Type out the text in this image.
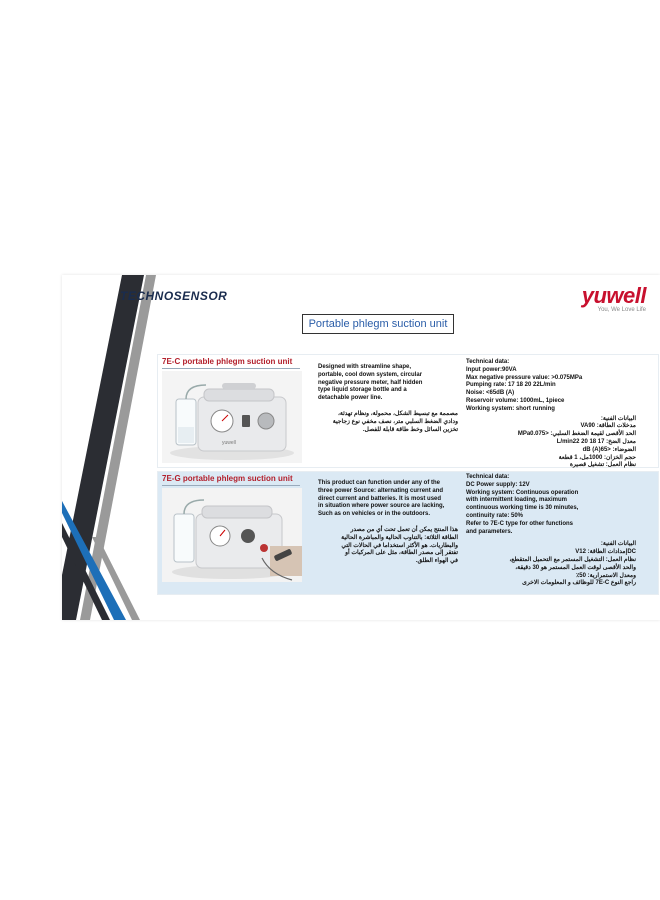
TECHNOSENSOR	yuwell
You, We Love Life
Portable phlegm suction unit
7E-C portable phlegm suction unit
yuwell
Designed with streamline shape,
portable, cool down system, circular
negative pressure meter, half hidden
type liquid storage bottle and a
detachable power line.
مصممة مع تبسيط الشكل، محمولة، ونظام تهدئة،
ودادي الضغط السلبي متر، نصف مخفي نوع زجاجية
تخزين السائل وخط طاقة قابلة للفصل.
Technical data:
Input power:90VA
Max negative pressure value: >0.075MPa
Pumping rate: 17 18 20 22L/min
Noise: <65dB (A)
Reservoir volume: 1000mL, 1piece
Working system: short running
البيانات الفنية:
مدخلات الطاقة: VA90
الحد الأقصى لقيمة الضغط السلبي: <MPa0.075
معدل الضخ: L/min22 20 18 17
الضوضاء: <dB (A)65
حجم الخزان: 1000مل، 1 قطعة
نظام العمل: تشغيل قصيرة
7E-G portable phlegm suction unit	This product can function under any of the
three power Source: alternating current and
direct current and batteries. It is most used
in situation where power source are lacking,
Such as on vehicles or in the outdoors.
هذا المنتج يمكن أن تعمل تحت أي من مصدر
الطاقة الثلاثة: بالتناوب الحالية والمباشرة الحالية
والبطاريات. هو الأكثر استخداما في الحالات التي
تفتقر إلى مصدر الطاقة، مثل على المركبات أو
في الهواء الطلق.
Technical data:
DC Power supply: 12V
Working system: Continuous operation
with intermittent loading, maximum
continuous working time is 30 minutes,
continuity rate: 50%
Refer to 7E-C type for other functions
and parameters.
البيانات الفنية:
DCإمدادات الطاقة: V12
نظام العمل: التشغيل المستمر مع التحميل المتقطع،
والحد الأقصى لوقت العمل المستمر هو 30 دقيقة،
ومعدل الاستمرارية: 50٪
راجع النوع 7E-C للوظائف و المعلومات الاخرى
